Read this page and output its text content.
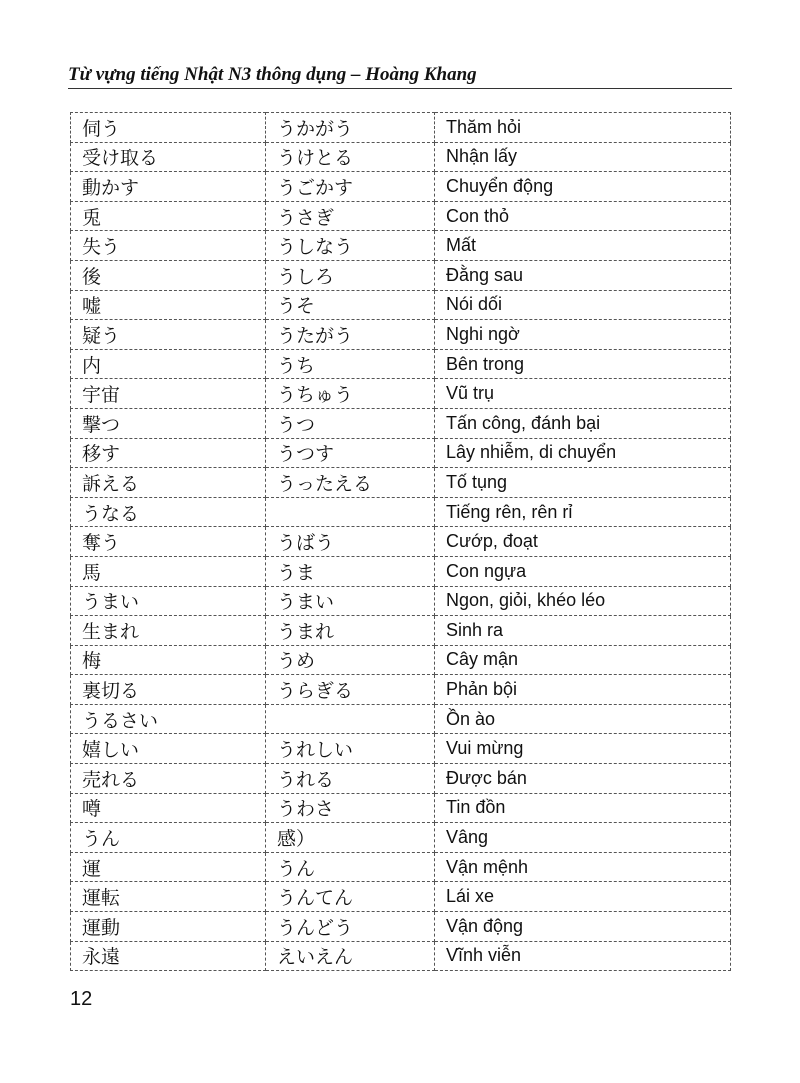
Từ vựng tiếng Nhật N3 thông dụng – Hoàng Khang
伺う	うかがう	Thăm hỏi
受け取る	うけとる	Nhận lấy
動かす	うごかす	Chuyển động
兎	うさぎ	Con thỏ
失う	うしなう	Mất
後	うしろ	Đằng sau
嘘	うそ	Nói dối
疑う	うたがう	Nghi ngờ
内	うち	Bên trong
宇宙	うちゅう	Vũ trụ
撃つ	うつ	Tấn công, đánh bại
移す	うつす	Lây nhiễm, di chuyển
訴える	うったえる	Tố tụng
うなる		Tiếng rên, rên rỉ
奪う	うばう	Cướp, đoạt
馬	うま	Con ngựa
うまい	うまい	Ngon, giỏi, khéo léo
生まれ	うまれ	Sinh ra
梅	うめ	Cây mận
裏切る	うらぎる	Phản bội
うるさい		Ồn ào
嬉しい	うれしい	Vui mừng
売れる	うれる	Được bán
噂	うわさ	Tin đồn
うん	感）	Vâng
運	うん	Vận mệnh
運転	うんてん	Lái xe
運動	うんどう	Vận động
永遠	えいえん	Vĩnh viễn
12
